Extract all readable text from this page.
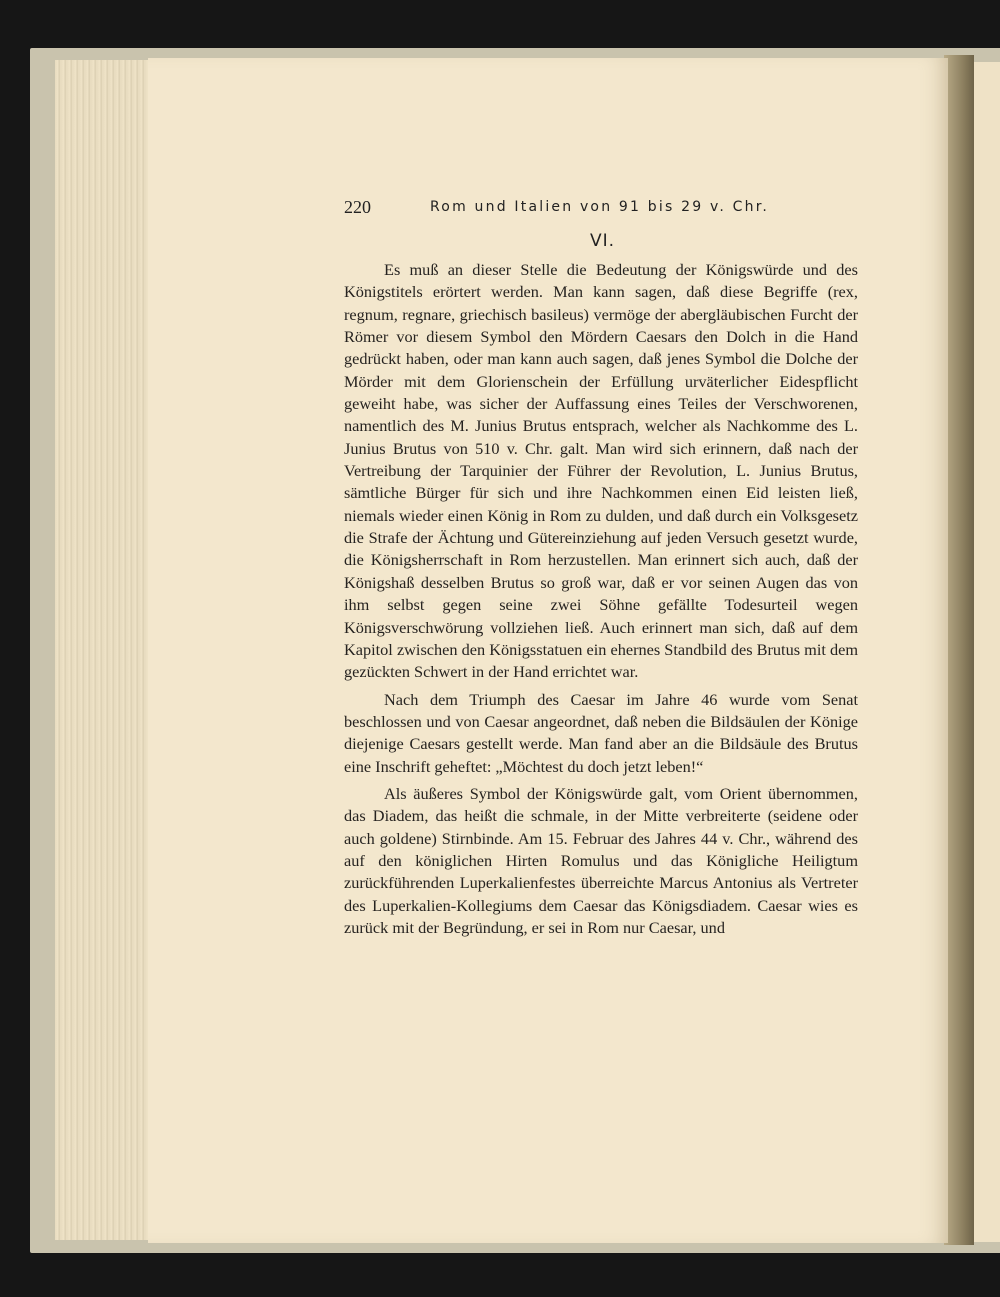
220	Rom und Italien von 91 bis 29 v. Chr.
VI.

Es muß an dieser Stelle die Bedeutung der Königswürde und des Königstitels erörtert werden. Man kann sagen, daß diese Begriffe (rex, regnum, regnare, griechisch basileus) vermöge der abergläubischen Furcht der Römer vor diesem Symbol den Mördern Caesars den Dolch in die Hand gedrückt haben, oder man kann auch sagen, daß jenes Symbol die Dolche der Mörder mit dem Glorienschein der Erfüllung urväterlicher Eidespflicht geweiht habe, was sicher der Auffassung eines Teiles der Verschworenen, namentlich des M. Junius Brutus entsprach, welcher als Nachkomme des L. Junius Brutus von 510 v. Chr. galt. Man wird sich erinnern, daß nach der Vertreibung der Tarquinier der Führer der Revolution, L. Junius Brutus, sämtliche Bürger für sich und ihre Nachkommen einen Eid leisten ließ, niemals wieder einen König in Rom zu dulden, und daß durch ein Volksgesetz die Strafe der Ächtung und Gütereinziehung auf jeden Versuch gesetzt wurde, die Königsherrschaft in Rom herzustellen. Man erinnert sich auch, daß der Königshaß desselben Brutus so groß war, daß er vor seinen Augen das von ihm selbst gegen seine zwei Söhne gefällte Todesurteil wegen Königsverschwörung vollziehen ließ. Auch erinnert man sich, daß auf dem Kapitol zwischen den Königsstatuen ein ehernes Standbild des Brutus mit dem gezückten Schwert in der Hand errichtet war.

Nach dem Triumph des Caesar im Jahre 46 wurde vom Senat beschlossen und von Caesar angeordnet, daß neben die Bildsäulen der Könige diejenige Caesars gestellt werde. Man fand aber an die Bildsäule des Brutus eine Inschrift geheftet: „Möchtest du doch jetzt leben!“

Als äußeres Symbol der Königswürde galt, vom Orient übernommen, das Diadem, das heißt die schmale, in der Mitte verbreiterte (seidene oder auch goldene) Stirnbinde. Am 15. Februar des Jahres 44 v. Chr., während des auf den königlichen Hirten Romulus und das Königliche Heiligtum zurückführenden Luperkalienfestes überreichte Marcus Antonius als Vertreter des Luperkalien-Kollegiums dem Caesar das Königsdiadem. Caesar wies es zurück mit der Begründung, er sei in Rom nur Caesar, und
